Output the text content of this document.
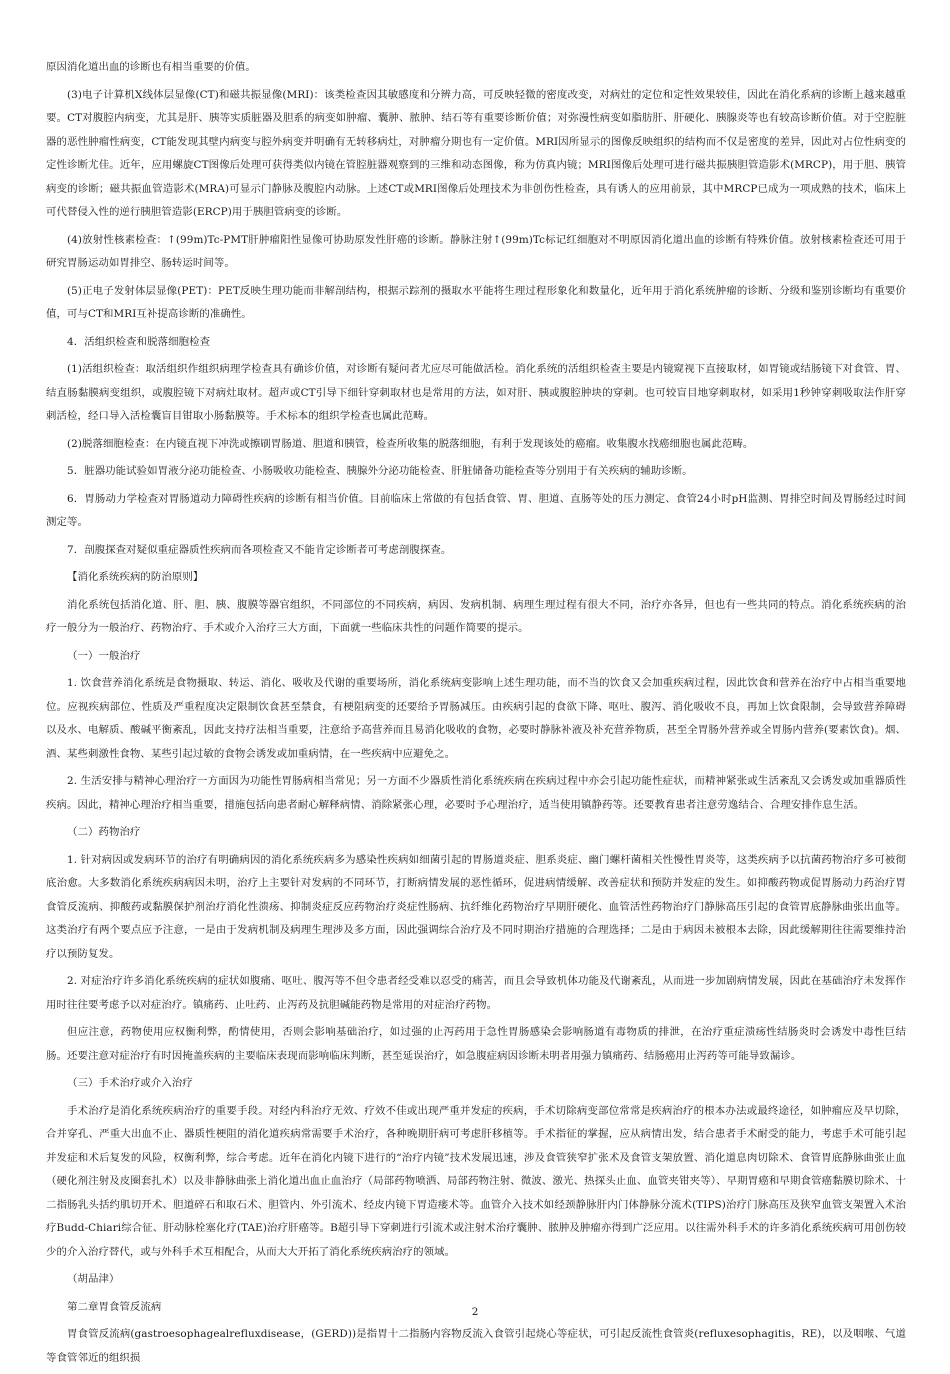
原因消化道出血的诊断也有相当重要的价值。

(3)电子计算机X线体层显像(CT)和磁共振显像(MRI)：该类检查因其敏感度和分辨力高，可反映轻微的密度改变，对病灶的定位和定性效果较佳，因此在消化系病的诊断上越来越重要。CT对腹腔内病变，尤其是肝、胰等实质脏器及胆系的病变如肿瘤、囊肿、脓肿、结石等有重要诊断价值；对弥漫性病变如脂肪肝、肝硬化、胰腺炎等也有较高诊断价值。对于空腔脏器的恶性肿瘤性病变，CT能发现其壁内病变与腔外病变并明确有无转移病灶，对肿瘤分期也有一定价值。MRI因所显示的图像反映组织的结构而不仅是密度的差异，因此对占位性病变的定性诊断尤佳。近年，应用螺旋CT图像后处理可获得类似内镜在管腔脏器观察到的三维和动态图像，称为仿真内镜；MRI图像后处理可进行磁共振胰胆管造影术(MRCP)，用于胆、胰管病变的诊断；磁共振血管造影术(MRA)可显示门静脉及腹腔内动脉。上述CT或MRI图像后处理技术为非创伤性检查，具有诱人的应用前景，其中MRCP已成为一项成熟的技术，临床上可代替侵入性的逆行胰胆管造影(ERCP)用于胰胆管病变的诊断。

(4)放射性核素检查：↑(99m)Tc-PMT肝肿瘤阳性显像可协助原发性肝癌的诊断。静脉注射↑(99m)Tc标记红细胞对不明原因消化道出血的诊断有特殊价值。放射核素检查还可用于研究胃肠运动如胃排空、肠转运时间等。

(5)正电子发射体层显像(PET)：PET反映生理功能而非解剖结构，根据示踪剂的摄取水平能将生理过程形象化和数量化，近年用于消化系统肿瘤的诊断、分级和鉴别诊断均有重要价值，可与CT和MRI互补提高诊断的准确性。

4．活组织检查和脱落细胞检查

(1)活组织检查：取活组织作组织病理学检查具有确诊价值，对诊断有疑问者尤应尽可能做活检。消化系统的活组织检查主要是内镜窥视下直接取材，如胃镜或结肠镜下对食管、胃、结直肠黏膜病变组织，或腹腔镜下对病灶取材。超声或CT引导下细针穿刺取材也是常用的方法，如对肝、胰或腹腔肿块的穿刺。也可较盲目地穿刺取材，如采用1秒钟穿刺吸取法作肝穿刺活检，经口导入活检囊盲目钳取小肠黏膜等。手术标本的组织学检查也属此范畴。

(2)脱落细胞检查：在内镜直视下冲洗或擦刷胃肠道、胆道和胰管，检查所收集的脱落细胞，有利于发现该处的癌瘤。收集腹水找癌细胞也属此范畴。

5．脏器功能试验如胃液分泌功能检查、小肠吸收功能检查、胰腺外分泌功能检查、肝脏储备功能检查等分别用于有关疾病的辅助诊断。

6．胃肠动力学检查对胃肠道动力障碍性疾病的诊断有相当价值。目前临床上常做的有包括食管、胃、胆道、直肠等处的压力测定、食管24小时pH监测、胃排空时间及胃肠经过时间测定等。

7．剖腹探查对疑似重症器质性疾病而各项检查又不能肯定诊断者可考虑剖腹探查。

【消化系统疾病的防治原则】

消化系统包括消化道、肝、胆、胰、腹膜等器官组织，不同部位的不同疾病，病因、发病机制、病理生理过程有很大不同，治疗亦各异，但也有一些共同的特点。消化系统疾病的治疗一般分为一般治疗、药物治疗、手术或介入治疗三大方面，下面就一些临床共性的问题作简要的提示。

（一）一般治疗

1. 饮食营养消化系统是食物摄取、转运、消化、吸收及代谢的重要场所，消化系统病变影响上述生理功能，而不当的饮食又会加重疾病过程，因此饮食和营养在治疗中占相当重要地位。应视疾病部位、性质及严重程度决定限制饮食甚至禁食，有梗阻病变的还要给予胃肠减压。由疾病引起的食欲下降、呕吐、腹泻、消化吸收不良，再加上饮食限制，会导致营养障碍以及水、电解质、酸碱平衡紊乱，因此支持疗法相当重要，注意给予高营养而且易消化吸收的食物，必要时静脉补液及补充营养物质，甚至全胃肠外营养或全胃肠内营养(要素饮食)。烟、酒、某些刺激性食物、某些引起过敏的食物会诱发或加重病情，在一些疾病中应避免之。

2. 生活安排与精神心理治疗一方面因为功能性胃肠病相当常见；另一方面不少器质性消化系统疾病在疾病过程中亦会引起功能性症状，而精神紧张或生活紊乱又会诱发或加重器质性疾病。因此，精神心理治疗相当重要，措施包括向患者耐心解释病情、消除紧张心理，必要时予心理治疗，适当使用镇静药等。还要教育患者注意劳逸结合、合理安排作息生活。

（二）药物治疗

1. 针对病因或发病环节的治疗有明确病因的消化系统疾病多为感染性疾病如细菌引起的胃肠道炎症、胆系炎症、幽门螺杆菌相关性慢性胃炎等，这类疾病予以抗菌药物治疗多可被彻底治愈。大多数消化系统疾病病因未明，治疗上主要针对发病的不同环节，打断病情发展的恶性循环，促进病情缓解、改善症状和预防并发症的发生。如抑酸药物或促胃肠动力药治疗胃食管反流病、抑酸药或黏膜保护剂治疗消化性溃疡、抑制炎症反应药物治疗炎症性肠病、抗纤维化药物治疗早期肝硬化、血管活性药物治疗门静脉高压引起的食管胃底静脉曲张出血等。这类治疗有两个要点应予注意，一是由于发病机制及病理生理涉及多方面，因此强调综合治疗及不同时期治疗措施的合理选择；二是由于病因未被根本去除，因此缓解期往往需要维持治疗以预防复发。

2. 对症治疗许多消化系统疾病的症状如腹痛、呕吐、腹泻等不但令患者经受难以忍受的痛苦，而且会导致机体功能及代谢紊乱，从而进一步加剧病情发展，因此在基础治疗未发挥作用时往往要考虑予以对症治疗。镇痛药、止吐药、止泻药及抗胆碱能药物是常用的对症治疗药物。

但应注意，药物使用应权衡利弊，酌情使用，否则会影响基础治疗，如过强的止泻药用于急性胃肠感染会影响肠道有毒物质的排泄，在治疗重症溃疡性结肠炎时会诱发中毒性巨结肠。还要注意对症治疗有时因掩盖疾病的主要临床表现而影响临床判断，甚至延误治疗，如急腹症病因诊断未明者用强力镇痛药、结肠癌用止泻药等可能导致漏诊。

（三）手术治疗或介入治疗

手术治疗是消化系统疾病治疗的重要手段。对经内科治疗无效、疗效不佳或出现严重并发症的疾病，手术切除病变部位常常是疾病治疗的根本办法或最终途径，如肿瘤应及早切除，合并穿孔、严重大出血不止、器质性梗阻的消化道疾病常需要手术治疗，各种晚期肝病可考虑肝移植等。手术指征的掌握，应从病情出发，结合患者手术耐受的能力，考虑手术可能引起并发症和术后复发的风险，权衡利弊，综合考虑。近年在消化内镜下进行的“治疗内镜”技术发展迅速，涉及食管狭窄扩张术及食管支架放置、消化道息肉切除术、食管胃底静脉曲张止血（硬化剂注射及皮圈套扎术）以及非静脉曲张上消化道出血止血治疗（局部药物喷洒、局部药物注射、微波、激光、热探头止血、血管夹钳夹等）、早期胃癌和早期食管癌黏膜切除术、十二指肠乳头括约肌切开术、胆道碎石和取石术、胆管内、外引流术、经皮内镜下胃造瘘术等。血管介入技术如经颈静脉肝内门体静脉分流术(TIPS)治疗门脉高压及狭窄血管支架置入术治疗Budd-Chiari综合征、肝动脉栓塞化疗(TAE)治疗肝癌等。B超引导下穿刺进行引流术或注射术治疗囊肿、脓肿及肿瘤亦得到广泛应用。以往需外科手术的许多消化系统疾病可用创伤较少的介入治疗替代，或与外科手术互相配合，从而大大开拓了消化系统疾病治疗的领域。

（胡品津）

第二章胃食管反流病

胃食管反流病(gastroesophagealrefluxdisease，(GERD))是指胃十二指肠内容物反流入食管引起烧心等症状，可引起反流性食管炎(refluxesophagitis，RE)，以及咽喉、气道等食管邻近的组织损

2
